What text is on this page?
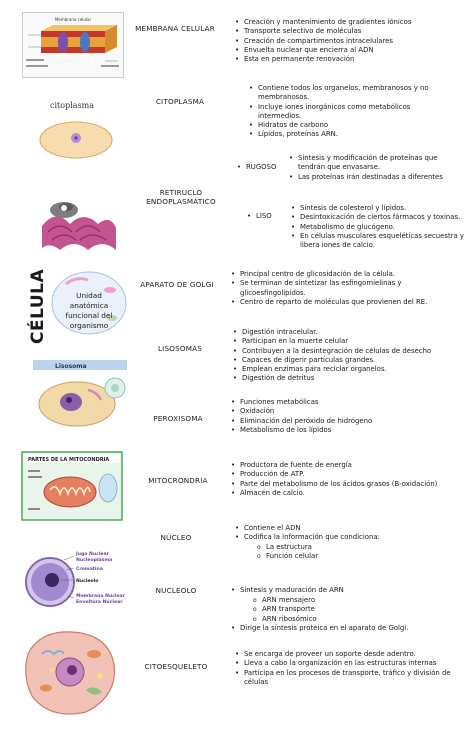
Membrana celular
citoplasma
CÉLULA	Unidad anatómica funcional del organismo
Lisosoma
PARTES DE LA MITOCONDRIA
Jugo Nuclear
Nucleoplasma
Cromatina
Nucleolo
Membrana Nuclear
Envoltura Nuclear
MEMBRANA CELULAR
CITOPLASMA
RETIRUCLO ENDOPLASMÁTICO
APARATO DE GOLGI
LISOSOMAS
PEROXISOMA
MITOCRONDRIA
NÚCLEO
NUCLEOLO
CITOESQUELETO
• Creación y mantenimiento de gradientes iónicos
• Transporte selectivo de moléculas
• Creación de compartimentos intracelulares
• Envuelta nuclear que encierra al ADN
• Esta en permanente renovación
• Contiene todos los organelos, membranosos y no membranosos.
• Incluye iones inorgánicos como metabólicos intermedios.
• Hidratos de carbono
• Lípidos, proteínas ARN.
• RUGOSO
• Síntesis y modificación de proteínas que tendrán que envasarse.
• Las proteínas irán destinadas a diferentes
• LISO
• Síntesis de colesterol y lípidos.
• Desintoxicación de ciertos fármacos y toxinas.
• Metabolismo de glucógeno.
• En células musculares esqueléticas secuestra y libera iones de calcio.
• Principal centro de glicosidación de la célula.
• Se terminan de sintetizar las esfingomielinas y glicoesfingolípidos.
• Centro de reparto de moléculas que provienen del RE.
• Digestión intracelular.
• Participan en la muerte celular
• Contribuyen a la desintegración de células de desecho
• Capaces de digerir partículas grandes.
• Emplean enzimas para reciclar organelos.
• Digestión de detritus
• Funciones metabólicas
• Oxidación
• Eliminación del peróxido de hidrógeno
• Metabolismo de los lípidos
• Productora de fuente de energía
• Producción de ATP.
• Parte del metabolismo de los ácidos grasos (B-oxidación)
• Almacén de calcio.
• Contiene el ADN
• Codifica la información que condiciona:
o La estructura
o Función celular
• Síntesis y maduración de ARN
o ARN mensajero
o ARN transporte
o ARN ribosómico
• Dirige la síntesis proteica en el aparato de Golgi.
• Se encarga de proveer un soporte desde adentro.
• Lleva a cabo la organización en las estructuras internas
• Participa en los procesos de transporte, tráfico y división de células
